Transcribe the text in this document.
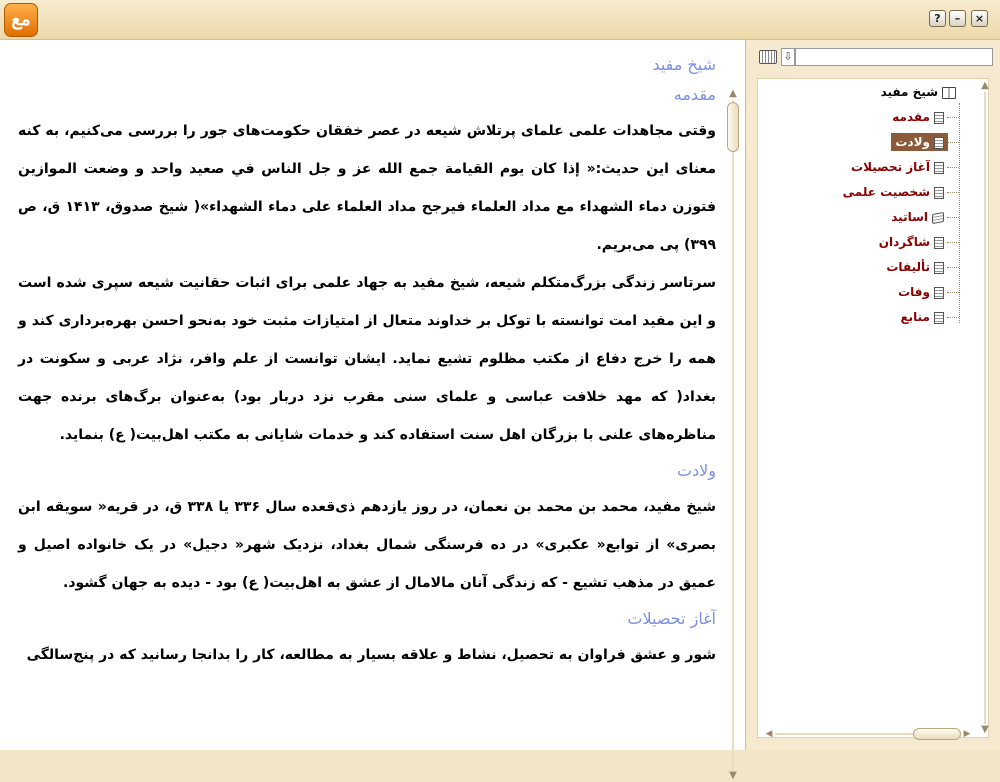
مع	?	–	×
شیخ مفید
مقدمه
وقتی مجاهدات علمی علمای پرتلاش شیعه در عصر خفقان حکومت‌های جور را بررسی می‌کنیم، به کنه معنای این حدیث:« إذا کان یوم القیامة جمع الله عز و جل الناس في صعید واحد و وضعت الموازین فتوزن دماء الشهداء مع مداد العلماء فیرجح مداد العلماء علی دماء الشهداء»( شیخ صدوق، ۱۴۱۳ ق، ص ۳۹۹) پی می‌بریم.
سرتاسر زندگی بزرگ‌متکلم شیعه، شیخ مفید به جهاد علمی برای اثبات حقانیت شیعه سپری شده است و این مفید امت توانسته با توکل بر خداوند متعال از امتیازات مثبت خود به‌نحو احسن بهره‌برداری کند و همه را خرج دفاع از مکتب مظلوم تشیع نماید. ایشان توانست از علم وافر، نژاد عربی و سکونت در بغداد( که مهد خلافت عباسی و علمای سنی مقرب نزد دربار بود) به‌عنوان برگ‌های برنده جهت مناظره‌های علنی با بزرگان اهل سنت استفاده کند و خدمات شایانی به مکتب اهل‌بیت( ع) بنماید.
ولادت
شیخ مفید، محمد بن محمد بن نعمان، در روز یازدهم ذی‌قعده سال ۳۳۶ یا ۳۳۸ ق، در قریه« سویقه ابن بصری» از توابع« عکبری» در ده فرسنگی شمال بغداد، نزدیک شهر« دجیل» در یک خانواده اصیل و عمیق در مذهب تشیع - که زندگی آنان مالامال از عشق به اهل‌بیت( ع) بود - دیده به جهان گشود.
آغاز تحصیلات
شور و عشق فراوان به تحصیل، نشاط و علاقه بسیار به مطالعه، کار را بدانجا رسانید که در پنج‌سالگی
▲
▼
⇩
شیخ مفید
مقدمه
ولادت
آغاز تحصیلات
شخصیت علمی
اساتید
شاگردان
تألیفات
وفات
منابع
▲
▼
◀	▶
